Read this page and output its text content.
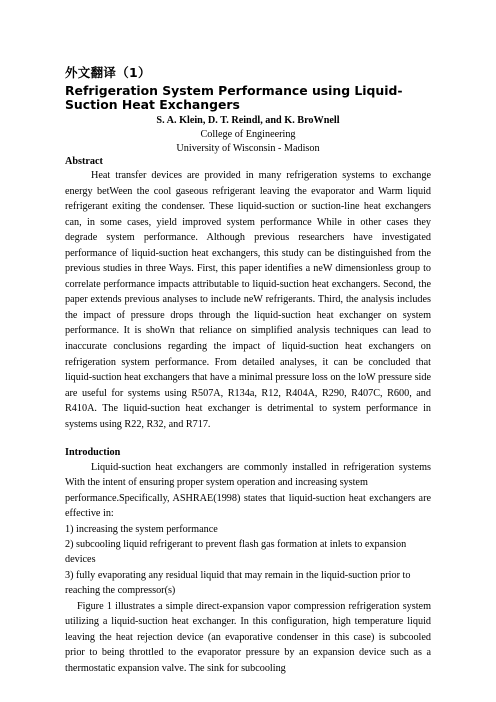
外文翻译（1）
Refrigeration System Performance using Liquid-Suction Heat Exchangers
S. A. Klein, D. T. Reindl, and K. BroWnell
College of Engineering
University of Wisconsin - Madison
Abstract

Heat transfer devices are provided in many refrigeration systems to exchange energy betWeen the cool gaseous refrigerant leaving the evaporator and Warm liquid refrigerant exiting the condenser. These liquid-suction or suction-line heat exchangers can, in some cases, yield improved system performance While in other cases they degrade system performance. Although previous researchers have investigated performance of liquid-suction heat exchangers, this study can be distinguished from the previous studies in three Ways. First, this paper identifies a neW dimensionless group to correlate performance impacts attributable to liquid-suction heat exchangers. Second, the paper extends previous analyses to include neW refrigerants. Third, the analysis includes the impact of pressure drops through the liquid-suction heat exchanger on system performance. It is shoWn that reliance on simplified analysis techniques can lead to inaccurate conclusions regarding the impact of liquid-suction heat exchangers on refrigeration system performance. From detailed analyses, it can be concluded that liquid-suction heat exchangers that have a minimal pressure loss on the loW pressure side are useful for systems using R507A, R134a, R12, R404A, R290, R407C, R600, and R410A. The liquid-suction heat exchanger is detrimental to system performance in systems using R22, R32, and R717.

Introduction

Liquid-suction heat exchangers are commonly installed in refrigeration systems With the intent of ensuring proper system operation and increasing system
performance.Specifically, ASHRAE(1998) states that liquid-suction heat exchangers are effective in:

1) increasing the system performance
2) subcooling liquid refrigerant to prevent flash gas formation at inlets to expansion devices
3) fully evaporating any residual liquid that may remain in the liquid-suction prior to reaching the compressor(s)

Figure 1 illustrates a simple direct-expansion vapor compression refrigeration system utilizing a liquid-suction heat exchanger. In this configuration, high temperature liquid leaving the heat rejection device (an evaporative condenser in this case) is subcooled prior to being throttled to the evaporator pressure by an expansion device such as a thermostatic expansion valve. The sink for subcooling
